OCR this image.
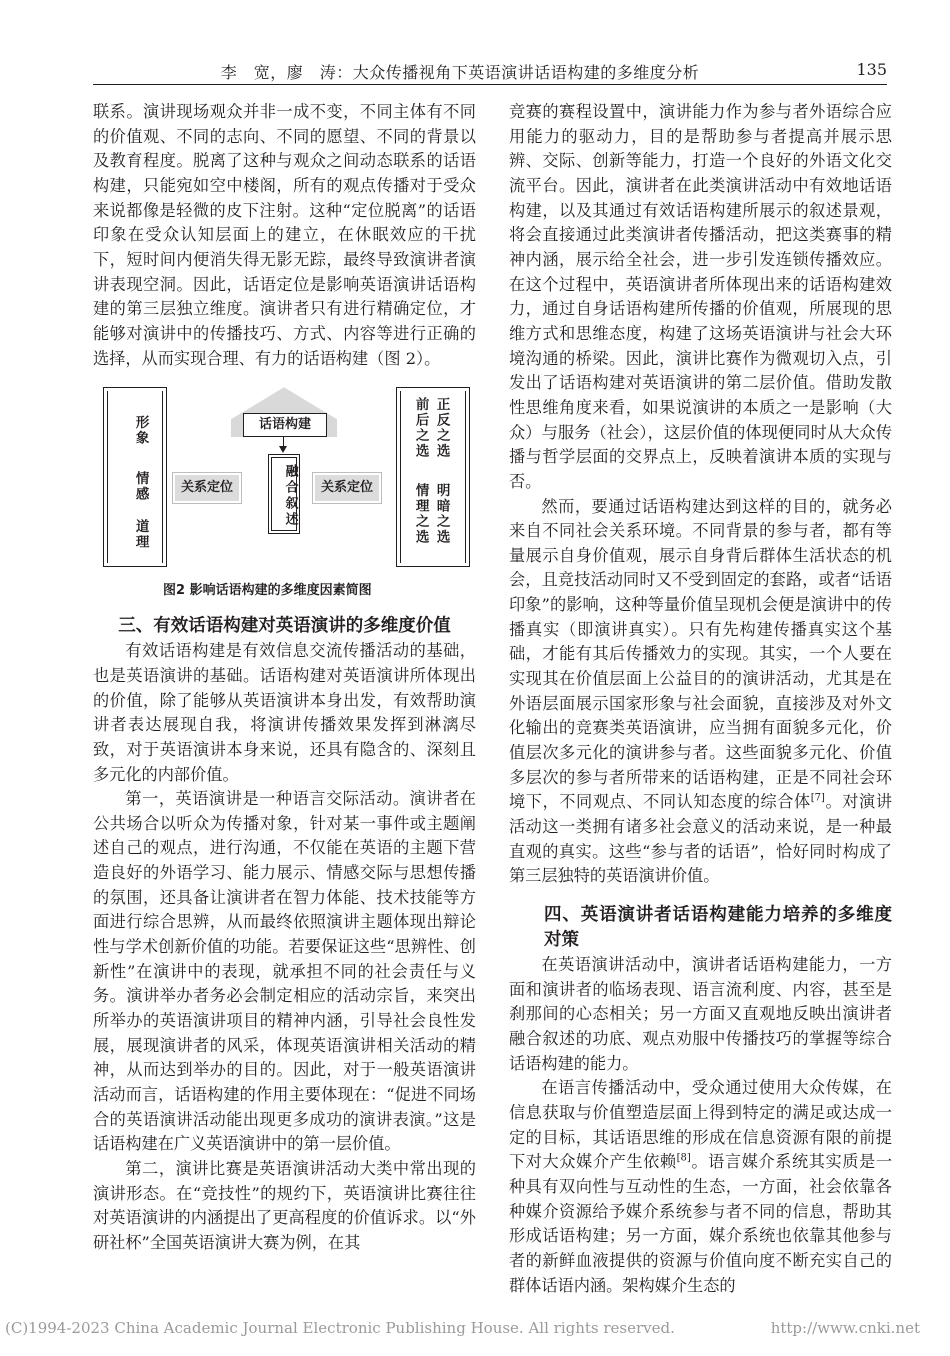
李　宽，廖　涛：大众传播视角下英语演讲话语构建的多维度分析	135

联系。演讲现场观众并非一成不变，不同主体有不同的价值观、不同的志向、不同的愿望、不同的背景以及教育程度。脱离了这种与观众之间动态联系的话语构建，只能宛如空中楼阁，所有的观点传播对于受众来说都像是轻微的皮下注射。这种“定位脱离”的话语印象在受众认知层面上的建立，在休眠效应的干扰下，短时间内便消失得无影无踪，最终导致演讲者演讲表现空洞。因此，话语定位是影响英语演讲话语构建的第三层独立维度。演讲者只有进行精确定位，才能够对演讲中的传播技巧、方式、内容等进行正确的选择，从而实现合理、有力的话语构建（图 2）。

形象
情感
道理
关系定位
话语构建
融合叙述	关系定位
正反之选
前后之选
明暗之选
情理之选
图2 影响话语构建的多维度因素简图
三、有效话语构建对英语演讲的多维度价值

有效话语构建是有效信息交流传播活动的基础，也是英语演讲的基础。话语构建对英语演讲所体现出的价值，除了能够从英语演讲本身出发，有效帮助演讲者表达展现自我，将演讲传播效果发挥到淋漓尽致，对于英语演讲本身来说，还具有隐含的、深刻且多元化的内部价值。

第一，英语演讲是一种语言交际活动。演讲者在公共场合以听众为传播对象，针对某一事件或主题阐述自己的观点，进行沟通，不仅能在英语的主题下营造良好的外语学习、能力展示、情感交际与思想传播的氛围，还具备让演讲者在智力体能、技术技能等方面进行综合思辨，从而最终依照演讲主题体现出辩论性与学术创新价值的功能。若要保证这些“思辨性、创新性”在演讲中的表现，就承担不同的社会责任与义务。演讲举办者务必会制定相应的活动宗旨，来突出所举办的英语演讲项目的精神内涵，引导社会良性发展，展现演讲者的风采，体现英语演讲相关活动的精神，从而达到举办的目的。因此，对于一般英语演讲活动而言，话语构建的作用主要体现在：“促进不同场合的英语演讲活动能出现更多成功的演讲表演。”这是话语构建在广义英语演讲中的第一层价值。

第二，演讲比赛是英语演讲活动大类中常出现的演讲形态。在“竞技性”的规约下，英语演讲比赛往往对英语演讲的内涵提出了更高程度的价值诉求。以“外研社杯”全国英语演讲大赛为例，在其

竞赛的赛程设置中，演讲能力作为参与者外语综合应用能力的驱动力，目的是帮助参与者提高并展示思辨、交际、创新等能力，打造一个良好的外语文化交流平台。因此，演讲者在此类演讲活动中有效地话语构建，以及其通过有效话语构建所展示的叙述景观，将会直接通过此类演讲者传播活动，把这类赛事的精神内涵，展示给全社会，进一步引发连锁传播效应。在这个过程中，英语演讲者所体现出来的话语构建效力，通过自身话语构建所传播的价值观，所展现的思维方式和思维态度，构建了这场英语演讲与社会大环境沟通的桥梁。因此，演讲比赛作为微观切入点，引发出了话语构建对英语演讲的第二层价值。借助发散性思维角度来看，如果说演讲的本质之一是影响（大众）与服务（社会），这层价值的体现便同时从大众传播与哲学层面的交界点上，反映着演讲本质的实现与否。

然而，要通过话语构建达到这样的目的，就务必来自不同社会关系环境。不同背景的参与者，都有等量展示自身价值观，展示自身背后群体生活状态的机会，且竞技活动同时又不受到固定的套路，或者“话语印象”的影响，这种等量价值呈现机会便是演讲中的传播真实（即演讲真实）。只有先构建传播真实这个基础，才能有其后传播效力的实现。其实，一个人要在实现其在价值层面上公益目的的演讲活动，尤其是在外语层面展示国家形象与社会面貌，直接涉及对外文化输出的竞赛类英语演讲，应当拥有面貌多元化，价值层次多元化的演讲参与者。这些面貌多元化、价值多层次的参与者所带来的话语构建，正是不同社会环境下，不同观点、不同认知态度的综合体[7]。对演讲活动这一类拥有诸多社会意义的活动来说，是一种最直观的真实。这些“参与者的话语”，恰好同时构成了第三层独特的英语演讲价值。

四、英语演讲者话语构建能力培养的多维度对策

在英语演讲活动中，演讲者话语构建能力，一方面和演讲者的临场表现、语言流利度、内容，甚至是刹那间的心态相关；另一方面又直观地反映出演讲者融合叙述的功底、观点劝服中传播技巧的掌握等综合话语构建的能力。

在语言传播活动中，受众通过使用大众传媒，在信息获取与价值塑造层面上得到特定的满足或达成一定的目标，其话语思维的形成在信息资源有限的前提下对大众媒介产生依赖[8]。语言媒介系统其实质是一种具有双向性与互动性的生态，一方面，社会依靠各种媒介资源给予媒介系统参与者不同的信息，帮助其形成话语构建；另一方面，媒介系统也依靠其他参与者的新鲜血液提供的资源与价值向度不断充实自己的群体话语内涵。架构媒介生态的

(C)1994-2023 China Academic Journal Electronic Publishing House. All rights reserved.	http://www.cnki.net
